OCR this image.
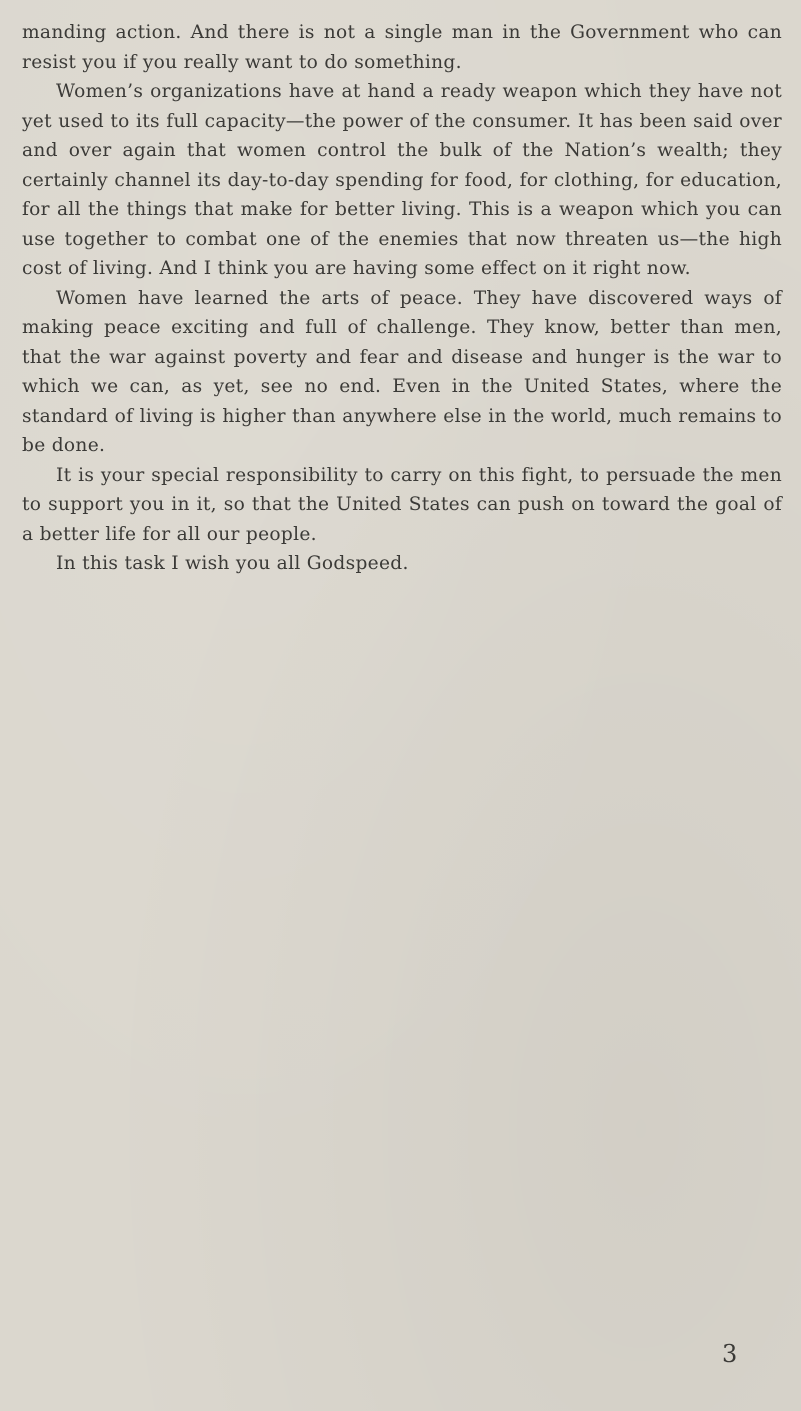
manding action. And there is not a single man in the Government who can resist you if you really want to do something.

Women’s organizations have at hand a ready weapon which they have not yet used to its full capacity—the power of the consumer. It has been said over and over again that women control the bulk of the Nation’s wealth; they certainly channel its day-to-day spending for food, for clothing, for education, for all the things that make for better living. This is a weapon which you can use together to combat one of the enemies that now threaten us—the high cost of living. And I think you are having some effect on it right now.

Women have learned the arts of peace. They have discovered ways of making peace exciting and full of challenge. They know, better than men, that the war against poverty and fear and disease and hunger is the war to which we can, as yet, see no end. Even in the United States, where the standard of living is higher than anywhere else in the world, much remains to be done.

It is your special responsibility to carry on this fight, to persuade the men to support you in it, so that the United States can push on toward the goal of a better life for all our people.

In this task I wish you all Godspeed.

3
